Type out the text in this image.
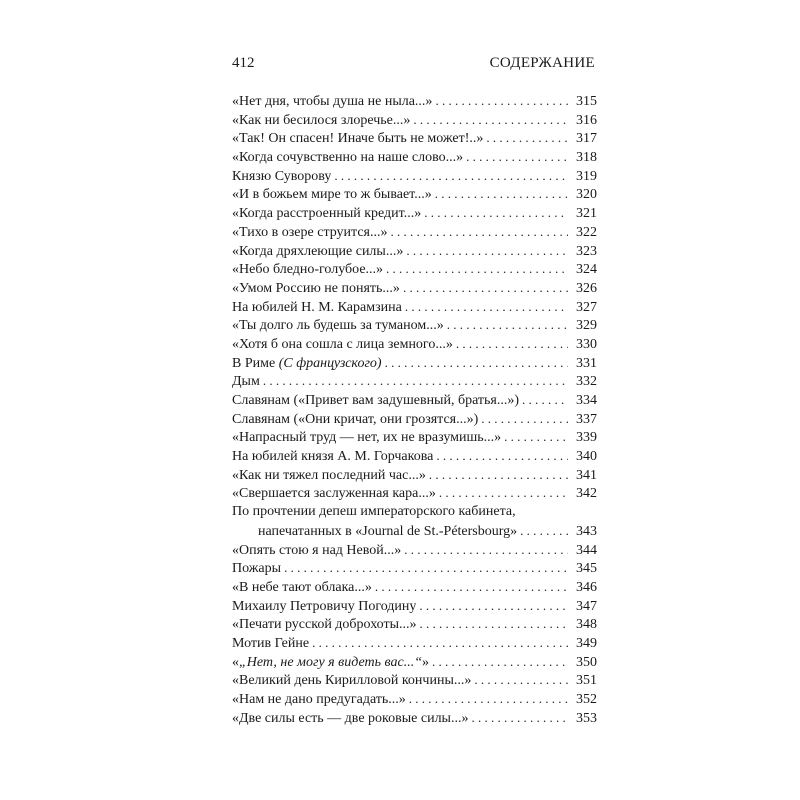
412	СОДЕРЖАНИЕ
«Нет дня, чтобы душа не ныла...» . . .	315
«Как ни бесилося злоречье...» . . .	316
«Так! Он спасен! Иначе быть не может!..» . . .	317
«Когда сочувственно на наше слово...» . . .	318
Князю Суворову . . .	319
«И в божьем мире то ж бывает...» . . .	320
«Когда расстроенный кредит...» . . .	321
«Тихо в озере струится...» . . .	322
«Когда дряхлеющие силы...» . . .	323
«Небо бледно-голубое...» . . .	324
«Умом Россию не понять...» . . .	326
На юбилей Н. М. Карамзина . . .	327
«Ты долго ль будешь за туманом...» . . .	329
«Хотя б она сошла с лица земного...» . . .	330
В Риме (С французского) . . .	331
Дым . . .	332
Славянам («Привет вам задушевный, братья...») . . .	334
Славянам («Они кричат, они грозятся...») . . .	337
«Напрасный труд — нет, их не вразумишь...» . . .	339
На юбилей князя А. М. Горчакова . . .	340
«Как ни тяжел последний час...» . . .	341
«Свершается заслуженная кара...» . . .	342
По прочтении депеш императорского кабинета,
напечатанных в «Journal de St.-Pétersbourg» . . .	343
«Опять стою я над Невой...» . . .	344
Пожары . . .	345
«В небе тают облака...» . . .	346
Михаилу Петровичу Погодину . . .	347
«Печати русской доброхоты...» . . .	348
Мотив Гейне . . .	349
«„Нет, не могу я видеть вас...“» . . .	350
«Великий день Кирилловой кончины...» . . .	351
«Нам не дано предугадать...» . . .	352
«Две силы есть — две роковые силы...» . . .	353
